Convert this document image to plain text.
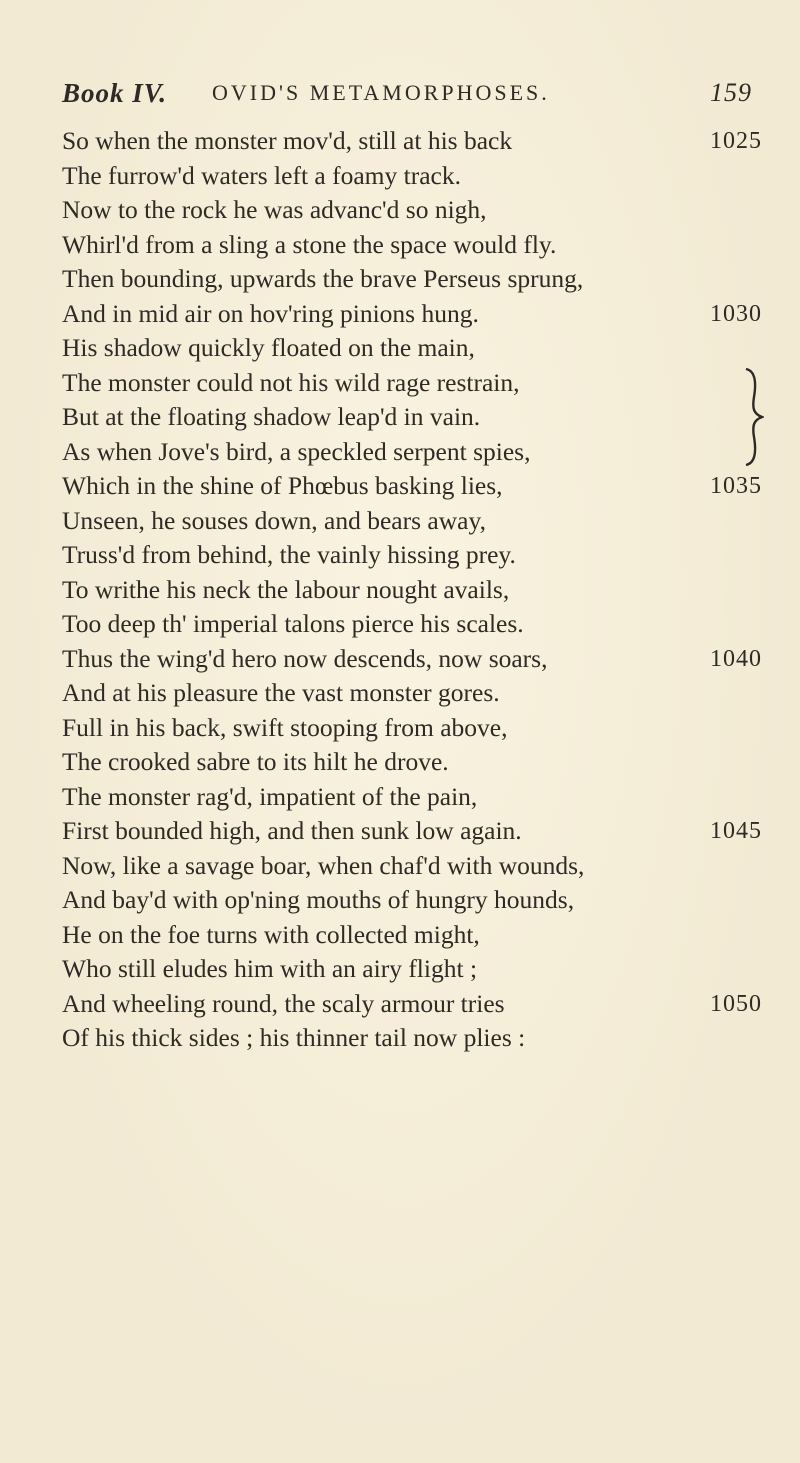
Book IV. OVID'S METAMORPHOSES.	159
So when the monster mov'd, still at his back	1025
The furrow'd waters left a foamy track.
Now to the rock he was advanc'd so nigh,
Whirl'd from a sling a stone the space would fly.
Then bounding, upwards the brave Perseus sprung,
And in mid air on hov'ring pinions hung.	1030
His shadow quickly floated on the main,
The monster could not his wild rage restrain,
But at the floating shadow leap'd in vain.
As when Jove's bird, a speckled serpent spies,
Which in the shine of Phœbus basking lies,	1035
Unseen, he souses down, and bears away,
Truss'd from behind, the vainly hissing prey.
To writhe his neck the labour nought avails,
Too deep th' imperial talons pierce his scales.
Thus the wing'd hero now descends, now soars,	1040
And at his pleasure the vast monster gores.
Full in his back, swift stooping from above,
The crooked sabre to its hilt he drove.
The monster rag'd, impatient of the pain,
First bounded high, and then sunk low again.	1045
Now, like a savage boar, when chaf'd with wounds,
And bay'd with op'ning mouths of hungry hounds,
He on the foe turns with collected might,
Who still eludes him with an airy flight ;
And wheeling round, the scaly armour tries	1050
Of his thick sides ; his thinner tail now plies :
